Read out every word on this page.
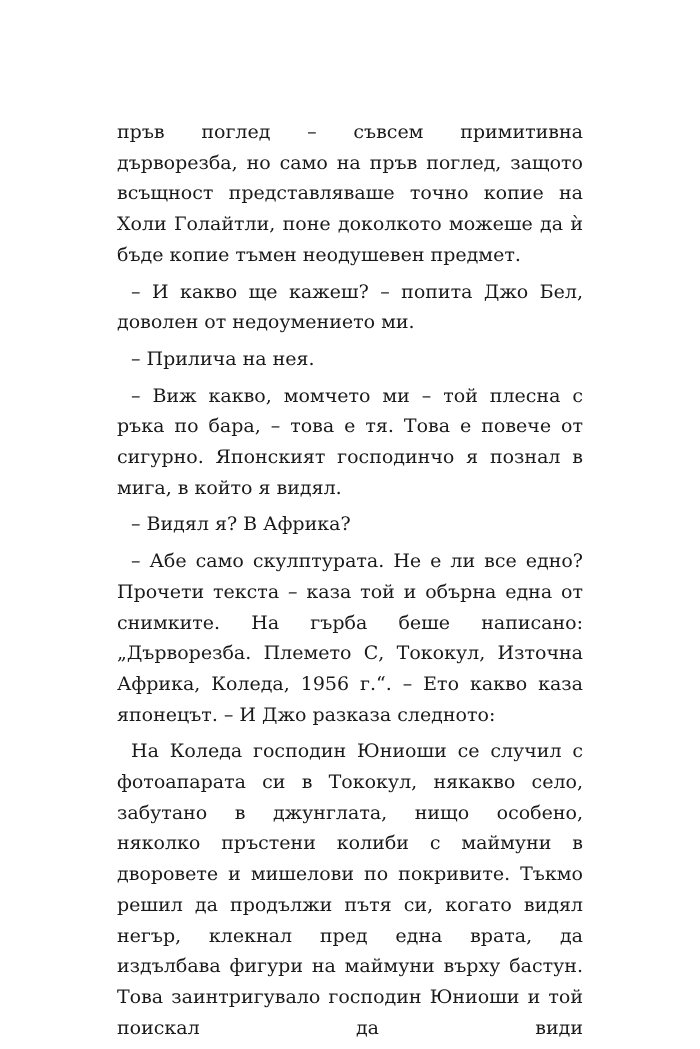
пръв поглед – съвсем примитивна дърворезба, но само на пръв поглед, защото всъщност представляваше точно копие на Холи Голайтли, поне доколкото можеше да ѝ бъде копие тъмен неодушевен предмет.

– И какво ще кажеш? – попита Джо Бел, доволен от недоумението ми.

– Прилича на нея.

– Виж какво, момчето ми – той плесна с ръка по бара, – това е тя. Това е повече от сигурно. Японският господинчо я познал в мига, в който я видял.

– Видял я? В Африка?

– Абе само скулптурата. Не е ли все едно? Прочети текста – каза той и обърна една от снимките. На гърба беше написано: „Дърворезба. Племето С, Тококул, Източна Африка, Коледа, 1956 г.“. – Ето какво каза японецът. – И Джо разказа следното:

На Коледа господин Юниоши се случил с фотоапарата си в Тококул, някакво село, забутано в джунглата, нищо особено, няколко пръстени колиби с маймуни в дворовете и мишелови по покривите. Тъкмо решил да продължи пътя си, когато видял негър, клекнал пред една врата, да издълбава фигури на маймуни върху бастун. Това заинтригувало господин Юниоши и той поискал да види
